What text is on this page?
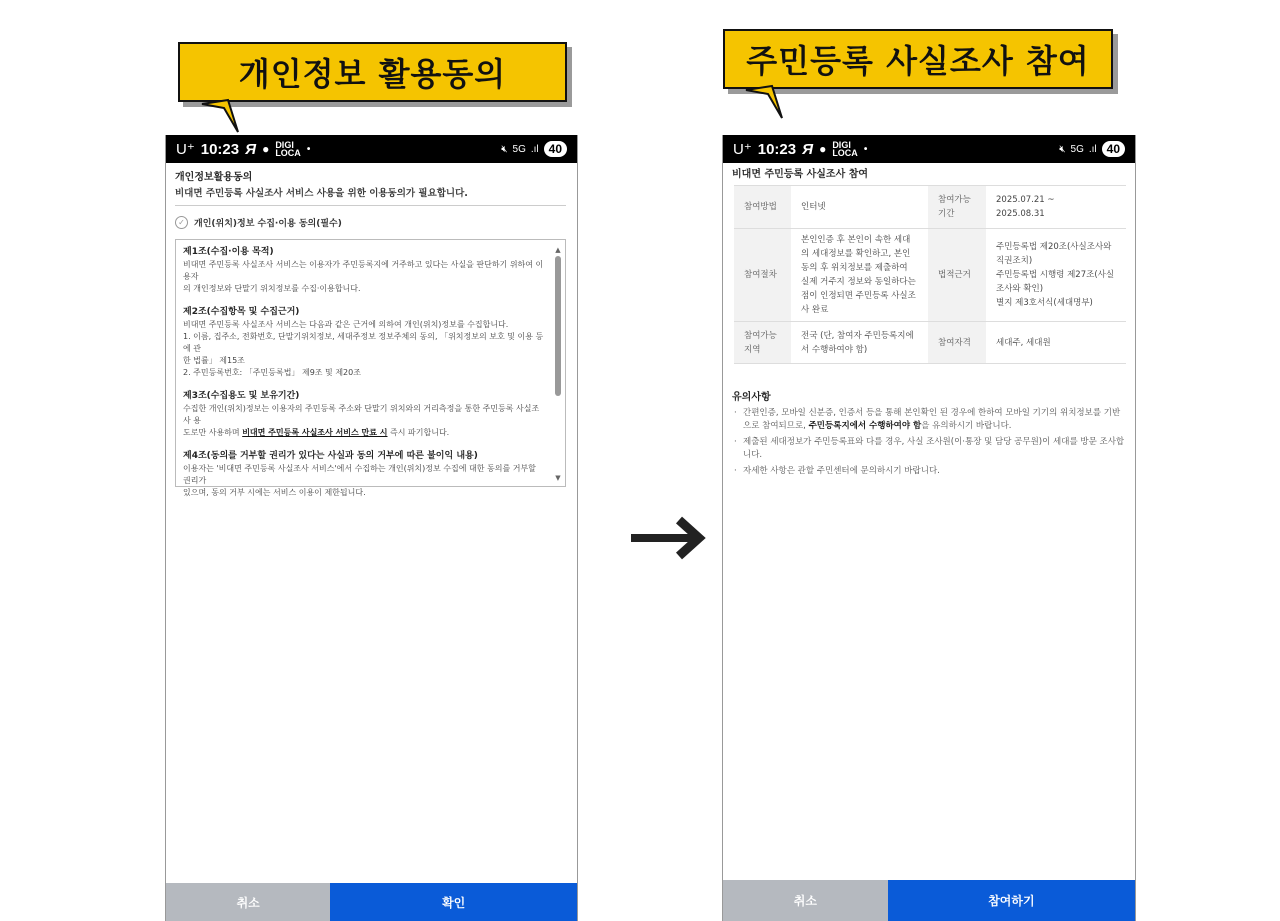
개인정보 활용동의	주민등록 사실조사 참여
U⁺ 10:23 Я ● DIGI
LOCA •	🔇︎ 5G .ıl 40
개인정보활용동의
비대면 주민등록 사실조사 서비스 사용을 위한 이용동의가 필요합니다.
✓	개인(위치)정보 수집·이용 동의(필수)
제1조(수집·이용 목적)
비대면 주민등록 사실조사 서비스는 이용자가 주민등록지에 거주하고 있다는 사실을 판단하기 위하여 이용자
의 개인정보와 단말기 위치정보를 수집·이용합니다.
제2조(수집항목 및 수집근거)
비대면 주민등록 사실조사 서비스는 다음과 같은 근거에 의하여 개인(위치)정보를 수집합니다.
1. 이름, 집주소, 전화번호, 단말기위치정보, 세대주정보 정보주체의 동의, 「위치정보의 보호 및 이용 등에 관
한 법률」 제15조
2. 주민등록번호: 「주민등록법」 제9조 및 제20조
제3조(수집용도 및 보유기간)
수집한 개인(위치)정보는 이용자의 주민등록 주소와 단말기 위치와의 거리측정을 통한 주민등록 사실조사 용
도로만 사용하며 비대면 주민등록 사실조사 서비스 만료 시 즉시 파기합니다.
제4조(동의를 거부할 권리가 있다는 사실과 동의 거부에 따른 불이익 내용)
이용자는 '비대면 주민등록 사실조사 서비스'에서 수집하는 개인(위치)정보 수집에 대한 동의를 거부할 권리가
있으며, 동의 거부 시에는 서비스 이용이 제한됩니다.
▲
▼
취소	확인
U⁺ 10:23 Я ● DIGI
LOCA •	🔇︎ 5G .ıl 40
비대면 주민등록 사실조사 참여
참여방법	인터넷	참여가능 기간	2025.07.21 ~
2025.08.31

참여절차	본인인증 후 본인이 속한 세대의 세대정보를 확인하고, 본인 동의 후 위치정보를 제출하여 실제 거주지 정보와 동일하다는 점이 인정되면 주민등록 사실조사 완료	법적근거	주민등록법 제20조(사실조사와 직권조치)
주민등록법 시행령 제27조(사실조사와 확인)
별지 제3호서식(세대명부)

참여가능 지역	전국 (단, 참여자 주민등록지에서 수행하여야 함)	참여자격	세대주, 세대원
유의사항
· 간편인증, 모바일 신분증, 인증서 등을 통해 본인확인 된 경우에 한하여 모바일 기기의 위치정보를 기반으로 참여되므로, 주민등록지에서 수행하여야 함을 유의하시기 바랍니다.
· 제출된 세대정보가 주민등록표와 다를 경우, 사실 조사원(이·통장 및 담당 공무원)이 세대를 방문 조사합니다.
· 자세한 사항은 관할 주민센터에 문의하시기 바랍니다.
취소	참여하기
